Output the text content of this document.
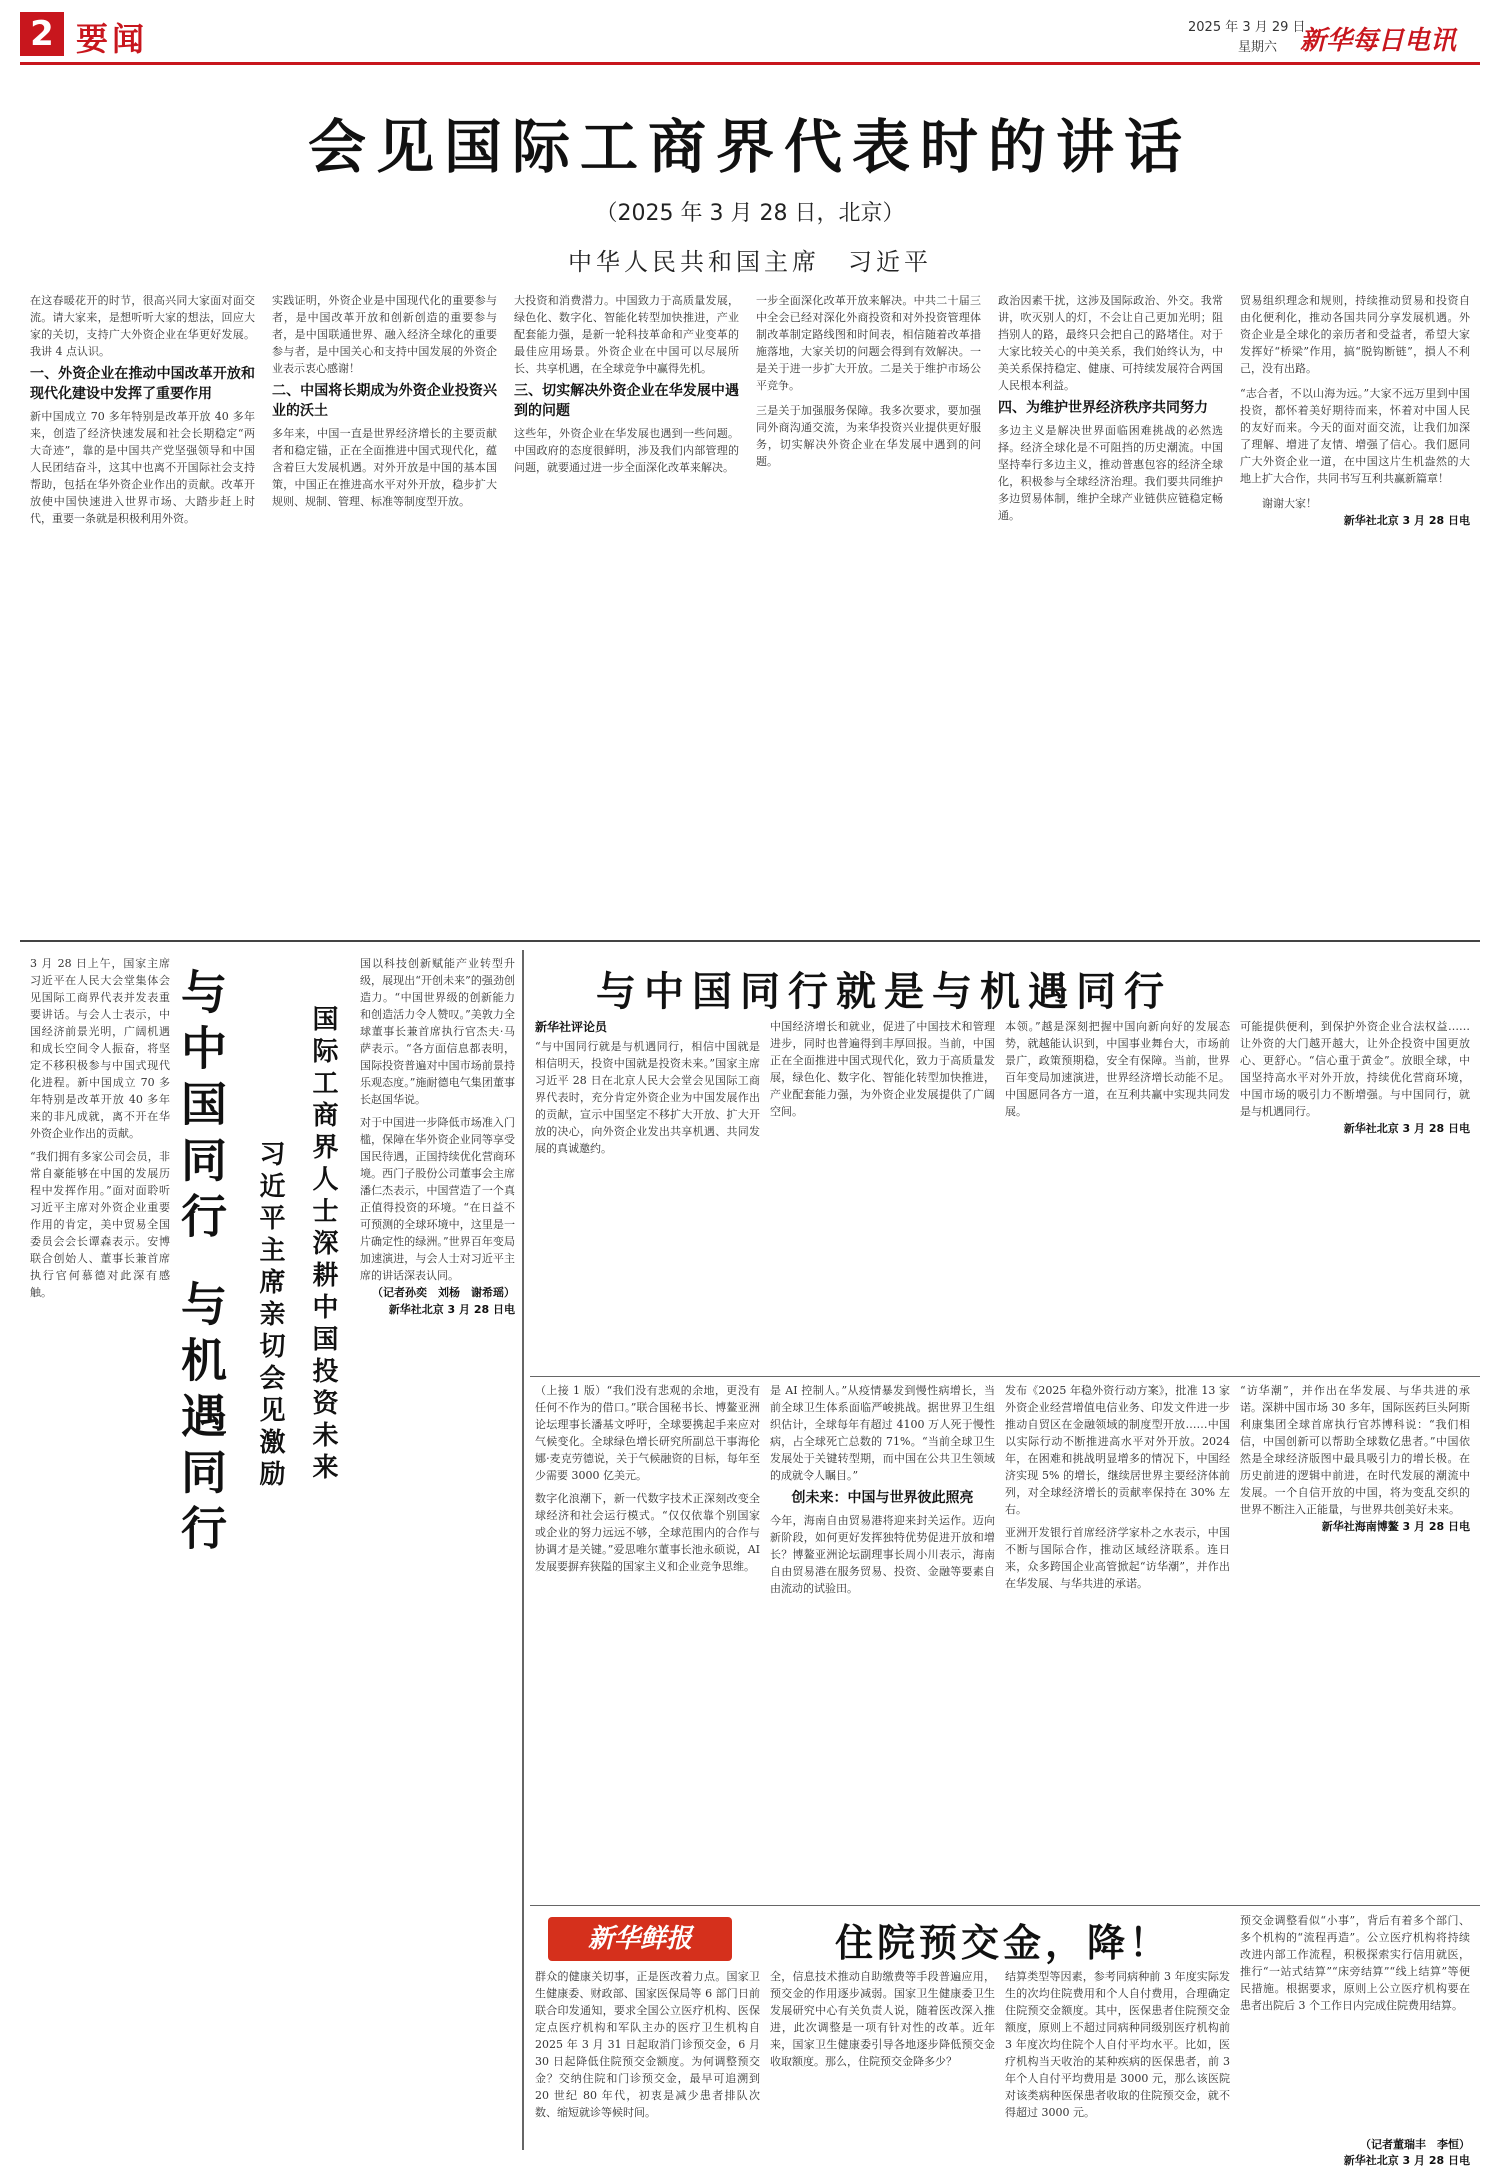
2 要闻	2025 年 3 月 29 日
星期六 新华每日电讯
会见国际工商界代表时的讲话
（2025 年 3 月 28 日，北京）
中华人民共和国主席　习近平

在这春暖花开的时节，很高兴同大家面对面交流。请大家来，是想听听大家的想法，回应大家的关切，支持广大外资企业在华更好发展。我讲 4 点认识。

一、外资企业在推动中国改革开放和现代化建设中发挥了重要作用

新中国成立 70 多年特别是改革开放 40 多年来，创造了经济快速发展和社会长期稳定“两大奇迹”，靠的是中国共产党坚强领导和中国人民团结奋斗，这其中也离不开国际社会支持帮助，包括在华外资企业作出的贡献。改革开放使中国快速进入世界市场、大踏步赶上时代，重要一条就是积极利用外资。

实践证明，外资企业是中国现代化的重要参与者，是中国改革开放和创新创造的重要参与者，是中国联通世界、融入经济全球化的重要参与者，是中国关心和支持中国发展的外资企业表示衷心感谢！

二、中国将长期成为外资企业投资兴业的沃土

多年来，中国一直是世界经济增长的主要贡献者和稳定锚，正在全面推进中国式现代化，蕴含着巨大发展机遇。对外开放是中国的基本国策，中国正在推进高水平对外开放，稳步扩大规则、规制、管理、标准等制度型开放。

大投资和消费潜力。中国致力于高质量发展，绿色化、数字化、智能化转型加快推进，产业配套能力强，是新一轮科技革命和产业变革的最佳应用场景。外资企业在中国可以尽展所长、共享机遇，在全球竞争中赢得先机。

三、切实解决外资企业在华发展中遇到的问题

这些年，外资企业在华发展也遇到一些问题。中国政府的态度很鲜明，涉及我们内部管理的问题，就要通过进一步全面深化改革来解决。

一步全面深化改革开放来解决。中共二十届三中全会已经对深化外商投资和对外投资管理体制改革制定路线图和时间表，相信随着改革措施落地，大家关切的问题会得到有效解决。一是关于进一步扩大开放。二是关于维护市场公平竞争。

三是关于加强服务保障。我多次要求，要加强同外商沟通交流，为来华投资兴业提供更好服务，切实解决外资企业在华发展中遇到的问题。

政治因素干扰，这涉及国际政治、外交。我常讲，吹灭别人的灯，不会让自己更加光明；阻挡别人的路，最终只会把自己的路堵住。对于大家比较关心的中美关系，我们始终认为，中美关系保持稳定、健康、可持续发展符合两国人民根本利益。

四、为维护世界经济秩序共同努力

多边主义是解决世界面临困难挑战的必然选择。经济全球化是不可阻挡的历史潮流。中国坚持奉行多边主义，推动普惠包容的经济全球化，积极参与全球经济治理。我们要共同维护多边贸易体制，维护全球产业链供应链稳定畅通。

贸易组织理念和规则，持续推动贸易和投资自由化便利化，推动各国共同分享发展机遇。外资企业是全球化的亲历者和受益者，希望大家发挥好“桥梁”作用，搞“脱钩断链”，損人不利己，没有出路。

“志合者，不以山海为远。”大家不远万里到中国投资，都怀着美好期待而来，怀着对中国人民的友好而来。今天的面对面交流，让我们加深了理解、增进了友情、增强了信心。我们愿同广大外资企业一道，在中国这片生机盎然的大地上扩大合作，共同书写互利共赢新篇章！

谢谢大家！

新华社北京 3 月 28 日电

3 月 28 日上午，国家主席习近平在人民大会堂集体会见国际工商界代表并发表重要讲话。与会人士表示，中国经济前景光明，广阔机遇和成长空间令人振奋，将坚定不移积极参与中国式现代化进程。新中国成立 70 多年特别是改革开放 40 多年来的非凡成就，离不开在华外资企业作出的贡献。

“我们拥有多家公司会员，非常自豪能够在中国的发展历程中发挥作用。”面对面聆听习近平主席对外资企业重要作用的肯定，美中贸易全国委员会会长谭森表示。安博联合创始人、董事长兼首席执行官何慕德对此深有感触。

与中国同行
与机遇同行 习近平主席亲切会见激励 国际工商界人士深耕中国投资未来

国以科技创新赋能产业转型升级，展现出“开创未来”的强劲创造力。“中国世界级的创新能力和创造活力令人赞叹。”美敦力全球董事长兼首席执行官杰夫·马萨表示。“各方面信息都表明，国际投资普遍对中国市场前景持乐观态度。”施耐德电气集团董事长赵国华说。

对于中国进一步降低市场准入门槛，保障在华外资企业同等享受国民待遇，正国持续优化营商环境。西门子股份公司董事会主席潘仁杰表示，中国营造了一个真正值得投资的环境。“在日益不可预测的全球环境中，这里是一片确定性的绿洲。”世界百年变局加速演进，与会人士对习近平主席的讲话深表认同。

（记者孙奕　刘杨　谢希瑶）

新华社北京 3 月 28 日电

与中国同行就是与机遇同行
新华社评论员

“与中国同行就是与机遇同行，相信中国就是相信明天，投资中国就是投资未来。”国家主席习近平 28 日在北京人民大会堂会见国际工商界代表时，充分肯定外资企业为中国发展作出的贡献，宣示中国坚定不移扩大开放、扩大开放的决心，向外资企业发出共享机遇、共同发展的真诚邀约。

中国经济增长和就业，促进了中国技术和管理进步，同时也普遍得到丰厚回报。当前，中国正在全面推进中国式现代化，致力于高质量发展，绿色化、数字化、智能化转型加快推进，产业配套能力强，为外资企业发展提供了广阔空间。

本领。”越是深刻把握中国向新向好的发展态势，就越能认识到，中国事业舞台大，市场前景广，政策预期稳，安全有保障。当前，世界百年变局加速演进，世界经济增长动能不足。中国愿同各方一道，在互利共赢中实现共同发展。

可能提供便利，到保护外资企业合法权益……让外资的大门越开越大，让外企投资中国更放心、更舒心。“信心重于黄金”。放眼全球，中国坚持高水平对外开放，持续优化营商环境，中国市场的吸引力不断增强。与中国同行，就是与机遇同行。

新华社北京 3 月 28 日电

（上接 1 版）“我们没有悲观的余地，更没有任何不作为的借口。”联合国秘书长、博鳌亚洲论坛理事长潘基文呼吁，全球要携起手来应对气候变化。全球绿色增长研究所副总干事海伦娜·麦克劳德说，关于气候融资的目标，每年至少需要 3000 亿美元。

数字化浪潮下，新一代数字技术正深刻改变全球经济和社会运行模式。“仅仅依靠个别国家或企业的努力远远不够，全球范围内的合作与协调才是关键。”爱思唯尔董事长池永硕说，AI 发展要摒弃狭隘的国家主义和企业竞争思维。

是 AI 控制人。”从疫情暴发到慢性病增长，当前全球卫生体系面临严峻挑战。据世界卫生组织估计，全球每年有超过 4100 万人死于慢性病，占全球死亡总数的 71%。“当前全球卫生发展处于关键转型期，而中国在公共卫生领域的成就令人瞩目。”

创未来：中国与世界彼此照亮

今年，海南自由贸易港将迎来封关运作。迈向新阶段，如何更好发挥独特优势促进开放和增长？博鳌亚洲论坛副理事长周小川表示，海南自由贸易港在服务贸易、投资、金融等要素自由流动的试验田。

发布《2025 年稳外资行动方案》，批准 13 家外资企业经营增值电信业务、印发文件进一步推动自贸区在金融领域的制度型开放……中国以实际行动不断推进高水平对外开放。2024 年，在困难和挑战明显增多的情况下，中国经济实现 5% 的增长，继续居世界主要经济体前列，对全球经济增长的贡献率保持在 30% 左右。

亚洲开发银行首席经济学家朴之水表示，中国不断与国际合作，推动区域经济联系。连日来，众多跨国企业高管掀起“访华潮”，并作出在华发展、与华共进的承诺。

“访华潮”，并作出在华发展、与华共进的承诺。深耕中国市场 30 多年，国际医药巨头阿斯利康集团全球首席执行官苏博科说：“我们相信，中国创新可以帮助全球数亿患者。”中国依然是全球经济版图中最具吸引力的增长极。在历史前进的逻辑中前进，在时代发展的潮流中发展。一个自信开放的中国，将为变乱交织的世界不断注入正能量，与世界共创美好未来。

新华社海南博鳌 3 月 28 日电

新华鲜报	住院预交金，降！

群众的健康关切事，正是医改着力点。国家卫生健康委、财政部、国家医保局等 6 部门日前联合印发通知，要求全国公立医疗机构、医保定点医疗机构和军队主办的医疗卫生机构自 2025 年 3 月 31 日起取消门诊预交金，6 月 30 日起降低住院预交金额度。为何调整预交金？交纳住院和门诊预交金，最早可追溯到 20 世纪 80 年代，初衷是减少患者排队次数、缩短就诊等候时间。

全，信息技术推动自助缴费等手段普遍应用，预交金的作用逐步减弱。国家卫生健康委卫生发展研究中心有关负责人说，随着医改深入推进，此次调整是一项有针对性的改革。近年来，国家卫生健康委引导各地逐步降低预交金收取额度。那么，住院预交金降多少？

结算类型等因素，参考同病种前 3 年度实际发生的次均住院费用和个人自付费用，合理确定住院预交金额度。其中，医保患者住院预交金额度，原则上不超过同病种同级别医疗机构前 3 年度次均住院个人自付平均水平。比如，医疗机构当天收治的某种疾病的医保患者，前 3 年个人自付平均费用是 3000 元，那么该医院对该类病种医保患者收取的住院预交金，就不得超过 3000 元。

预交金调整看似“小事”，背后有着多个部门、多个机构的“流程再造”。公立医疗机构将持续改进内部工作流程，积极探索实行信用就医，推行“一站式结算”“床旁结算”“线上结算”等便民措施。根据要求，原则上公立医疗机构要在患者出院后 3 个工作日内完成住院费用结算。

（记者董瑞丰　李恒）
新华社北京 3 月 28 日电
